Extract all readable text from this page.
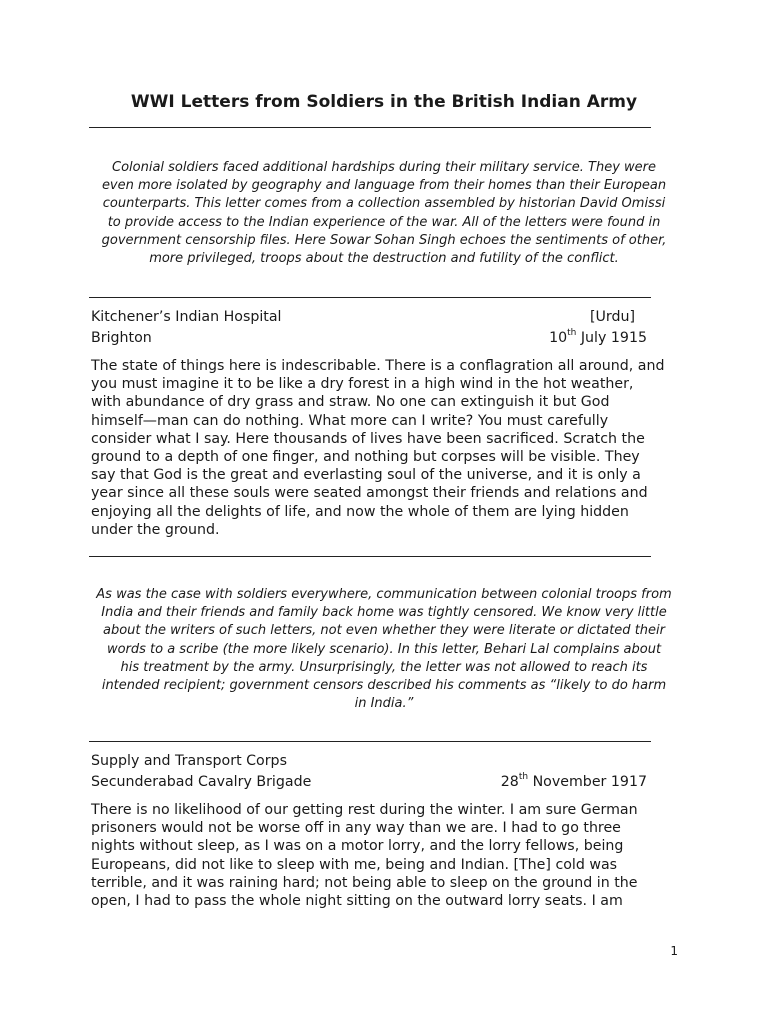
WWI Letters from Soldiers in the British Indian Army
Colonial soldiers faced additional hardships during their military service. They were
even more isolated by geography and language from their homes than their European
counterparts. This letter comes from a collection assembled by historian David Omissi
to provide access to the Indian experience of the war. All of the letters were found in
government censorship files. Here Sowar Sohan Singh echoes the sentiments of other,
more privileged, troops about the destruction and futility of the conflict.
Kitchener’s Indian Hospital	[Urdu]
Brighton	10th July 1915
The state of things here is indescribable. There is a conflagration all around, and
you must imagine it to be like a dry forest in a high wind in the hot weather,
with abundance of dry grass and straw. No one can extinguish it but God
himself—man can do nothing. What more can I write? You must carefully
consider what I say. Here thousands of lives have been sacrificed. Scratch the
ground to a depth of one finger, and nothing but corpses will be visible. They
say that God is the great and everlasting soul of the universe, and it is only a
year since all these souls were seated amongst their friends and relations and
enjoying all the delights of life, and now the whole of them are lying hidden
under the ground.
As was the case with soldiers everywhere, communication between colonial troops from
India and their friends and family back home was tightly censored. We know very little
about the writers of such letters, not even whether they were literate or dictated their
words to a scribe (the more likely scenario). In this letter, Behari Lal complains about
his treatment by the army. Unsurprisingly, the letter was not allowed to reach its
intended recipient; government censors described his comments as “likely to do harm
in India.”
Supply and Transport Corps
Secunderabad Cavalry Brigade	28th November 1917
There is no likelihood of our getting rest during the winter. I am sure German
prisoners would not be worse off in any way than we are. I had to go three
nights without sleep, as I was on a motor lorry, and the lorry fellows, being
Europeans, did not like to sleep with me, being and Indian. [The] cold was
terrible, and it was raining hard; not being able to sleep on the ground in the
open, I had to pass the whole night sitting on the outward lorry seats. I am
1
